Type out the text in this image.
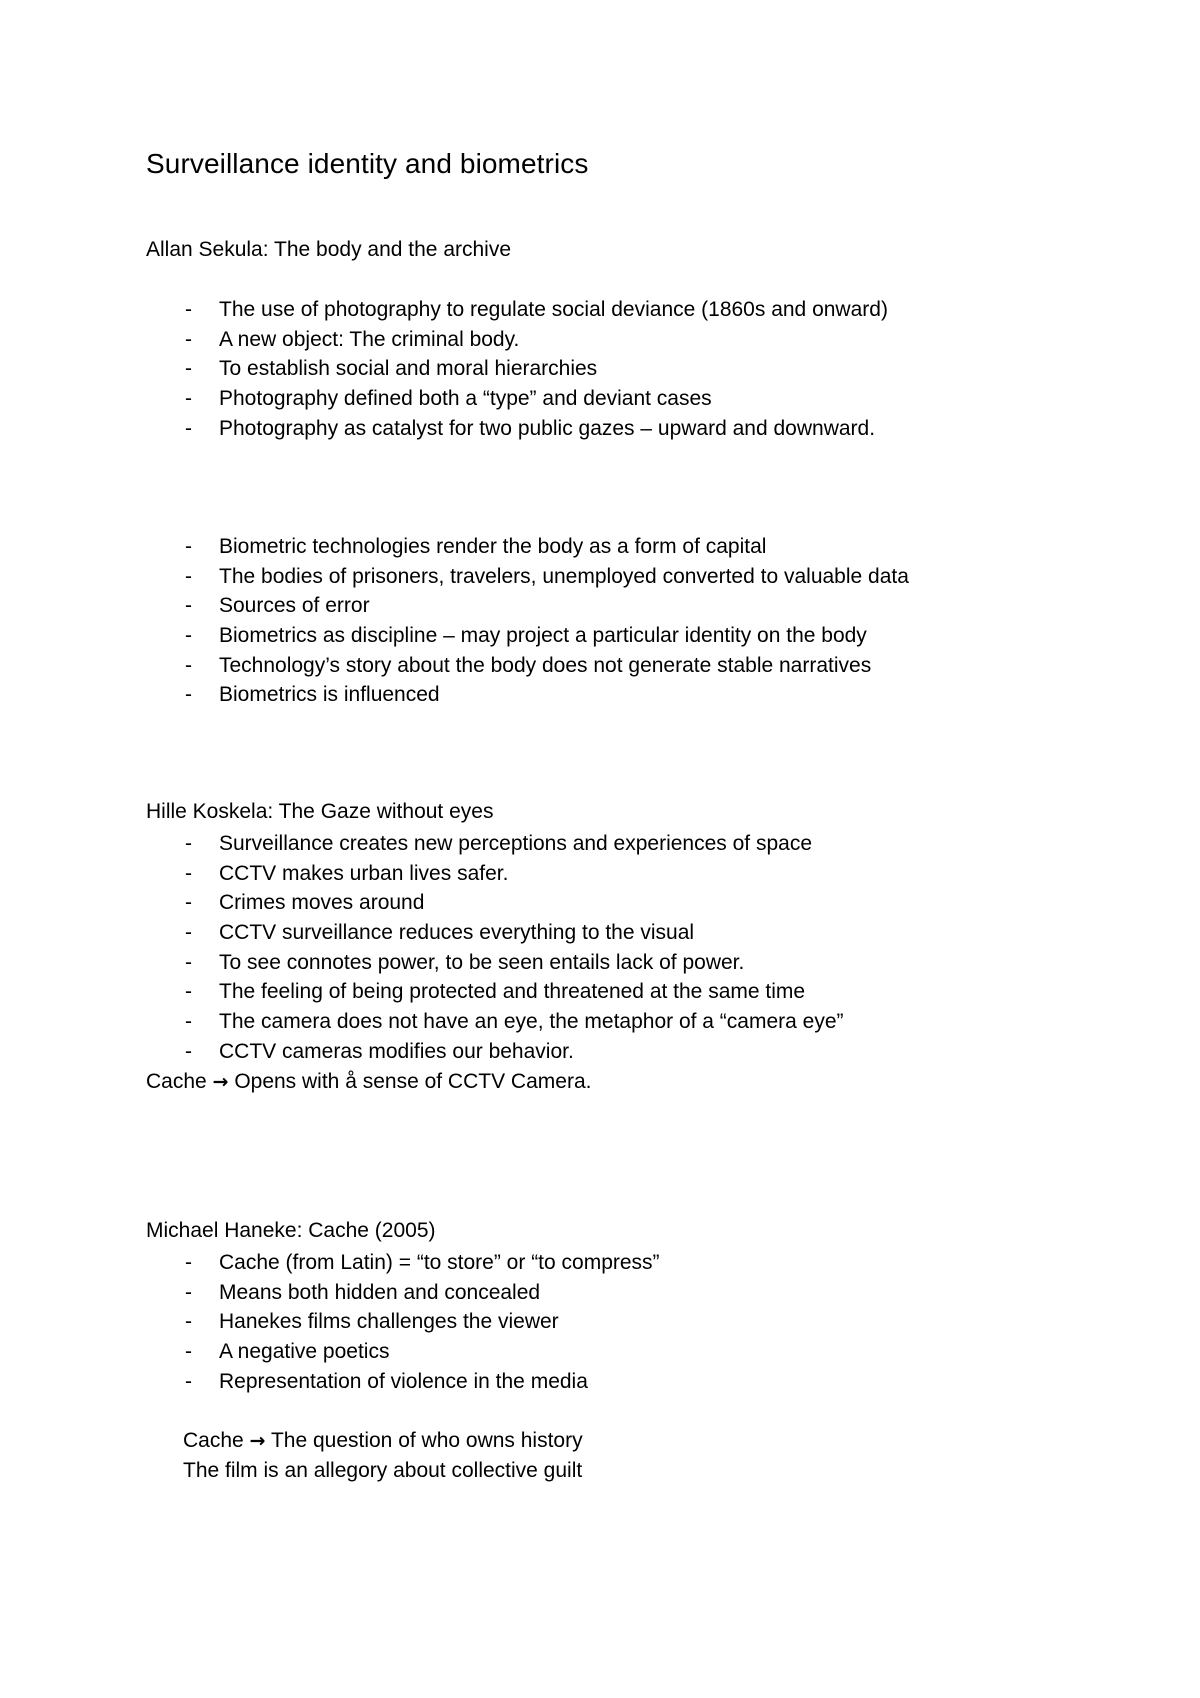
Surveillance identity and biometrics

Allan Sekula: The body and the archive

- The use of photography to regulate social deviance (1860s and onward)
- A new object: The criminal body.
- To establish social and moral hierarchies
- Photography defined both a “type” and deviant cases
- Photography as catalyst for two public gazes – upward and downward.
- Biometric technologies render the body as a form of capital
- The bodies of prisoners, travelers, unemployed converted to valuable data
- Sources of error
- Biometrics as discipline – may project a particular identity on the body
- Technology’s story about the body does not generate stable narratives
- Biometrics is influenced

Hille Koskela: The Gaze without eyes

- Surveillance creates new perceptions and experiences of space
- CCTV makes urban lives safer.
- Crimes moves around
- CCTV surveillance reduces everything to the visual
- To see connotes power, to be seen entails lack of power.
- The feeling of being protected and threatened at the same time
- The camera does not have an eye, the metaphor of a “camera eye”
- CCTV cameras modifies our behavior.

Cache → Opens with å sense of CCTV Camera.

Michael Haneke: Cache (2005)

- Cache (from Latin) = “to store” or “to compress”
- Means both hidden and concealed
- Hanekes films challenges the viewer
- A negative poetics
- Representation of violence in the media

Cache → The question of who owns history

The film is an allegory about collective guilt
